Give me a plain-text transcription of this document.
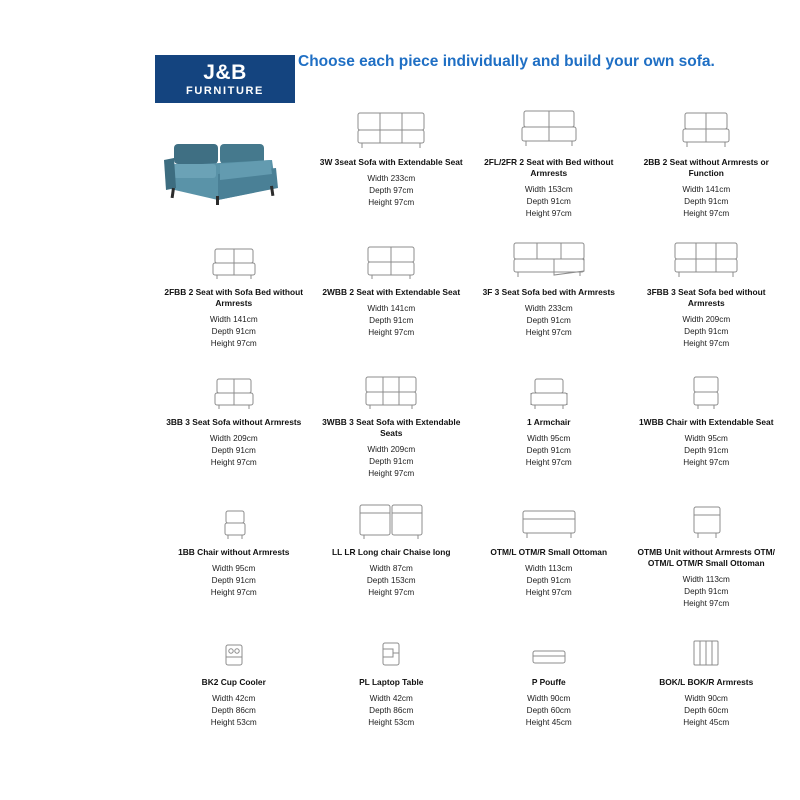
J&B
FURNITURE
Choose each piece individually and build your own sofa.
3W 3seat Sofa with Extendable Seat
Width 233cm
Depth 97cm
Height 97cm
2FL/2FR 2 Seat with Bed without Armrests
Width 153cm
Depth 91cm
Height 97cm
2BB 2 Seat without Armrests or Function
Width 141cm
Depth 91cm
Height 97cm
2FBB 2 Seat with Sofa Bed without Armrests
Width 141cm
Depth 91cm
Height 97cm
2WBB 2 Seat with Extendable Seat
Width 141cm
Depth 91cm
Height 97cm
3F 3 Seat Sofa bed with Armrests
Width 233cm
Depth 91cm
Height 97cm
3FBB 3 Seat Sofa bed without Armrests
Width 209cm
Depth 91cm
Height 97cm
3BB 3 Seat Sofa without Armrests
Width 209cm
Depth 91cm
Height 97cm
3WBB 3 Seat Sofa with Extendable Seats
Width 209cm
Depth 91cm
Height 97cm
1 Armchair
Width 95cm
Depth 91cm
Height 97cm
1WBB Chair with Extendable Seat
Width 95cm
Depth 91cm
Height 97cm
1BB Chair without Armrests
Width 95cm
Depth 91cm
Height 97cm
LL LR Long chair Chaise long
Width 87cm
Depth 153cm
Height 97cm
OTM/L OTM/R Small Ottoman
Width 113cm
Depth 91cm
Height 97cm
OTMB Unit without Armrests OTM/ OTM/L OTM/R Small Ottoman
Width 113cm
Depth 91cm
Height 97cm
BK2 Cup Cooler
Width 42cm
Depth 86cm
Height 53cm
PL Laptop Table
Width 42cm
Depth 86cm
Height 53cm
P Pouffe
Width 90cm
Depth 60cm
Height 45cm
BOK/L BOK/R Armrests
Width 90cm
Depth 60cm
Height 45cm
